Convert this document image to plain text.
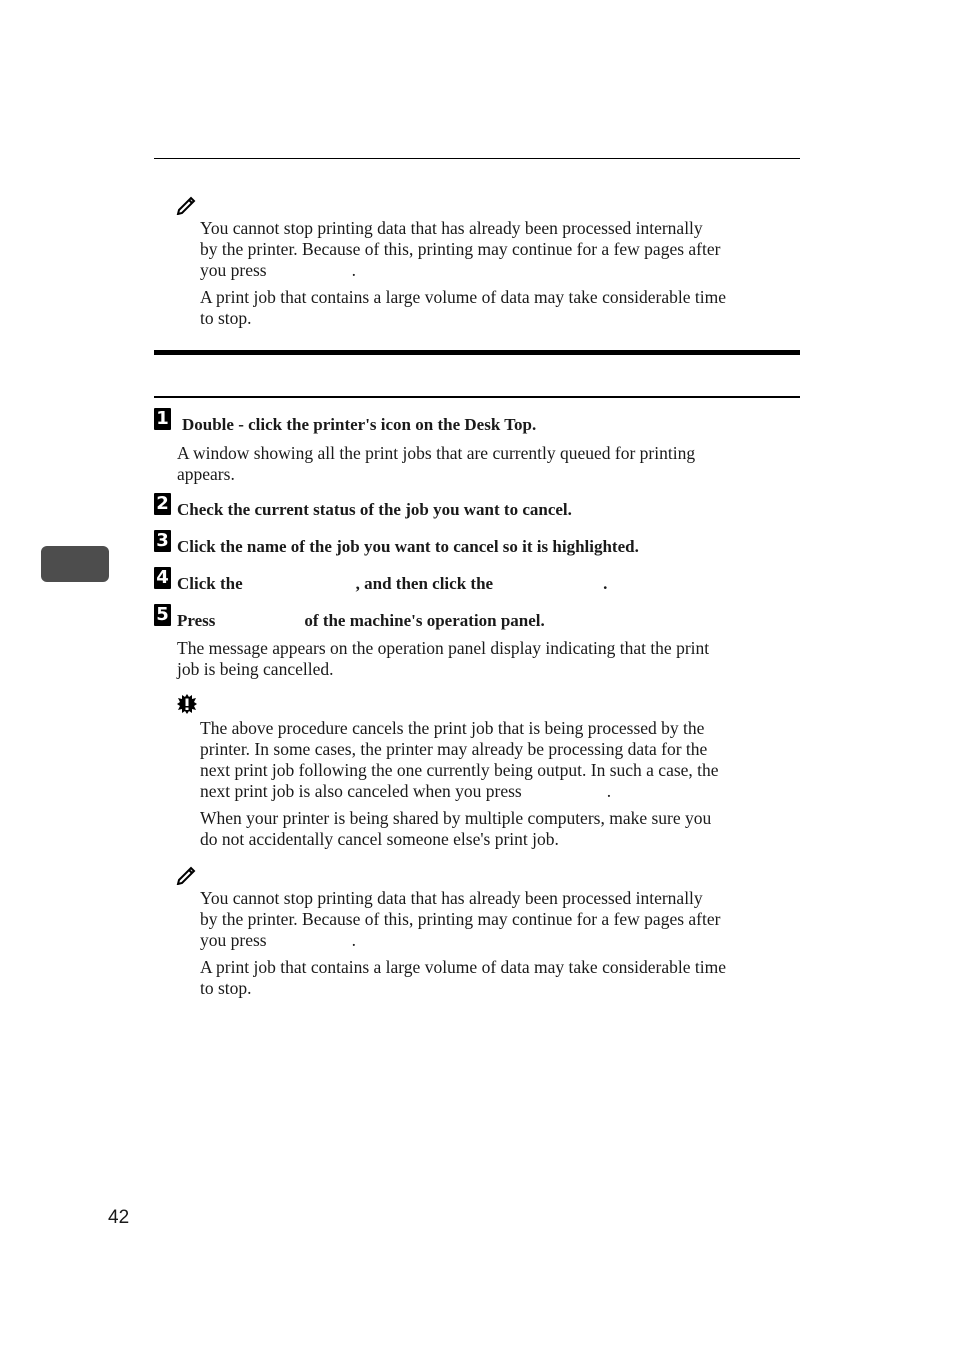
You cannot stop printing data that has already been processed internally
by the printer. Because of this, printing may continue for a few pages after
you press	.
A print job that contains a large volume of data may take considerable time
to stop.
1 Double - click the printer's icon on the Desk Top.
A window showing all the print jobs that are currently queued for printing
appears.
2 Check the current status of the job you want to cancel.
3 Click the name of the job you want to cancel so it is highlighted.
4 Click the	, and then click the	.
5 Press	of the machine's operation panel.
The message appears on the operation panel display indicating that the print
job is being cancelled.
The above procedure cancels the print job that is being processed by the
printer. In some cases, the printer may already be processing data for the
next print job following the one currently being output. In such a case, the
next print job is also canceled when you press	.
When your printer is being shared by multiple computers, make sure you
do not accidentally cancel someone else's print job.
You cannot stop printing data that has already been processed internally
by the printer. Because of this, printing may continue for a few pages after
you press	.
A print job that contains a large volume of data may take considerable time
to stop.
42
